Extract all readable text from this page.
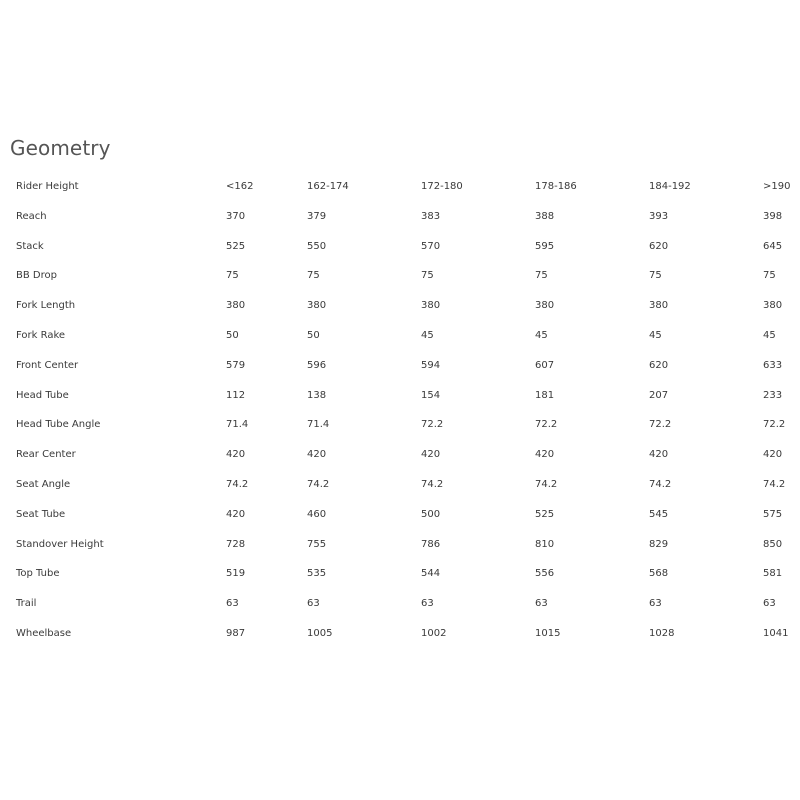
Geometry
Rider Height	<162	162-174	172-180	178-186	184-192	>190
Reach	370	379	383	388	393	398
Stack	525	550	570	595	620	645
BB Drop	75	75	75	75	75	75
Fork Length	380	380	380	380	380	380
Fork Rake	50	50	45	45	45	45
Front Center	579	596	594	607	620	633
Head Tube	112	138	154	181	207	233
Head Tube Angle	71.4	71.4	72.2	72.2	72.2	72.2
Rear Center	420	420	420	420	420	420
Seat Angle	74.2	74.2	74.2	74.2	74.2	74.2
Seat Tube	420	460	500	525	545	575
Standover Height	728	755	786	810	829	850
Top Tube	519	535	544	556	568	581
Trail	63	63	63	63	63	63
Wheelbase	987	1005	1002	1015	1028	1041
